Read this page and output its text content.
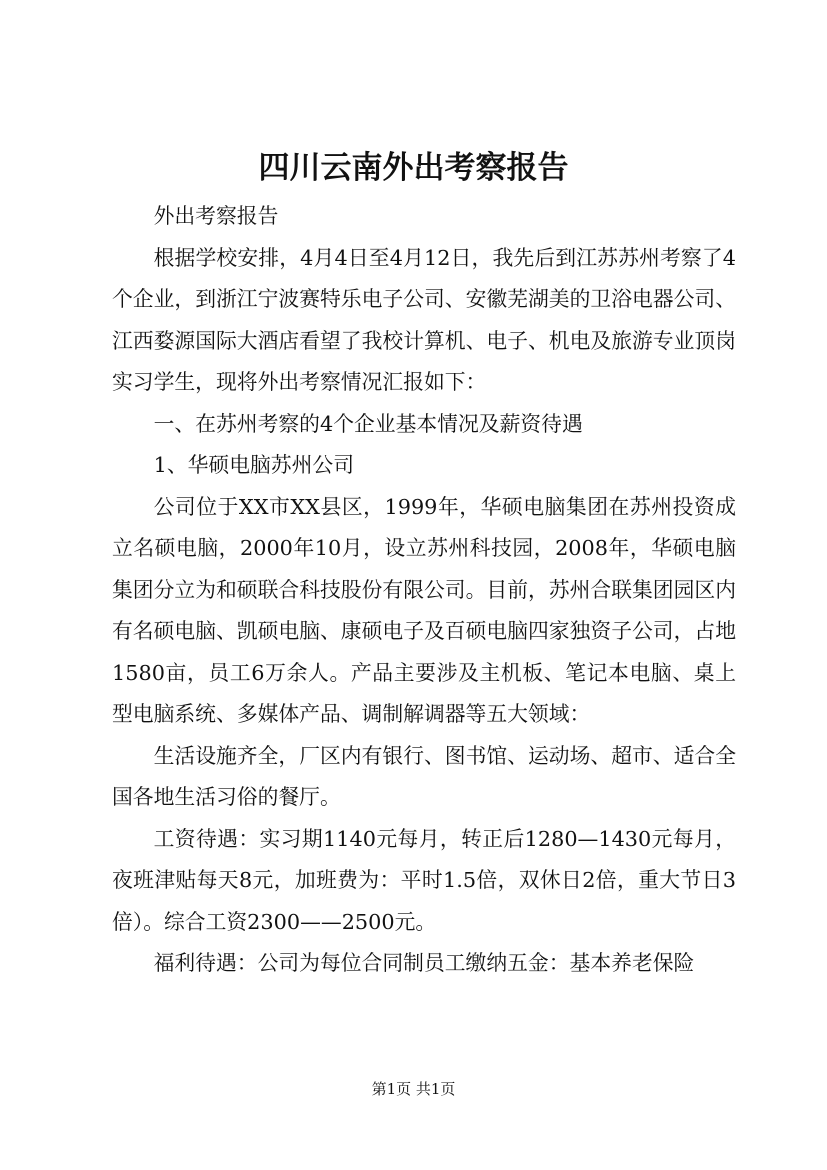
四川云南外出考察报告

外出考察报告

根据学校安排，4月4日至4月12日，我先后到江苏苏州考察了4个企业，到浙江宁波赛特乐电子公司、安徽芜湖美的卫浴电器公司、江西婺源国际大酒店看望了我校计算机、电子、机电及旅游专业顶岗实习学生，现将外出考察情况汇报如下：

一、在苏州考察的4个企业基本情况及薪资待遇

1、华硕电脑苏州公司

公司位于XX市XX县区，1999年，华硕电脑集团在苏州投资成立名硕电脑，2000年10月，设立苏州科技园，2008年，华硕电脑集团分立为和硕联合科技股份有限公司。目前，苏州合联集团园区内有名硕电脑、凯硕电脑、康硕电子及百硕电脑四家独资子公司，占地1580亩，员工6万余人。产品主要涉及主机板、笔记本电脑、桌上型电脑系统、多媒体产品、调制解调器等五大领域：

生活设施齐全，厂区内有银行、图书馆、运动场、超市、适合全国各地生活习俗的餐厅。

工资待遇：实习期1140元每月，转正后1280—1430元每月，夜班津贴每天8元，加班费为：平时1.5倍，双休日2倍，重大节日3倍）。综合工资2300——2500元。

福利待遇：公司为每位合同制员工缴纳五金：基本养老保险

第1页 共1页
